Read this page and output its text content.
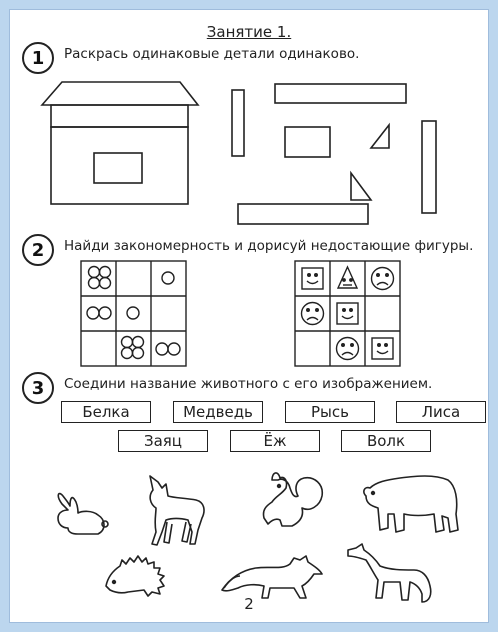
Занятие 1.
1	Раскрась одинаковые детали одинаково.
2	Найди закономерность и дорисуй недостающие фигуры.
3	Соедини название животного с его изображением.
Белка	Медведь	Рысь	Лиса
Заяц	Ёж	Волк
2
